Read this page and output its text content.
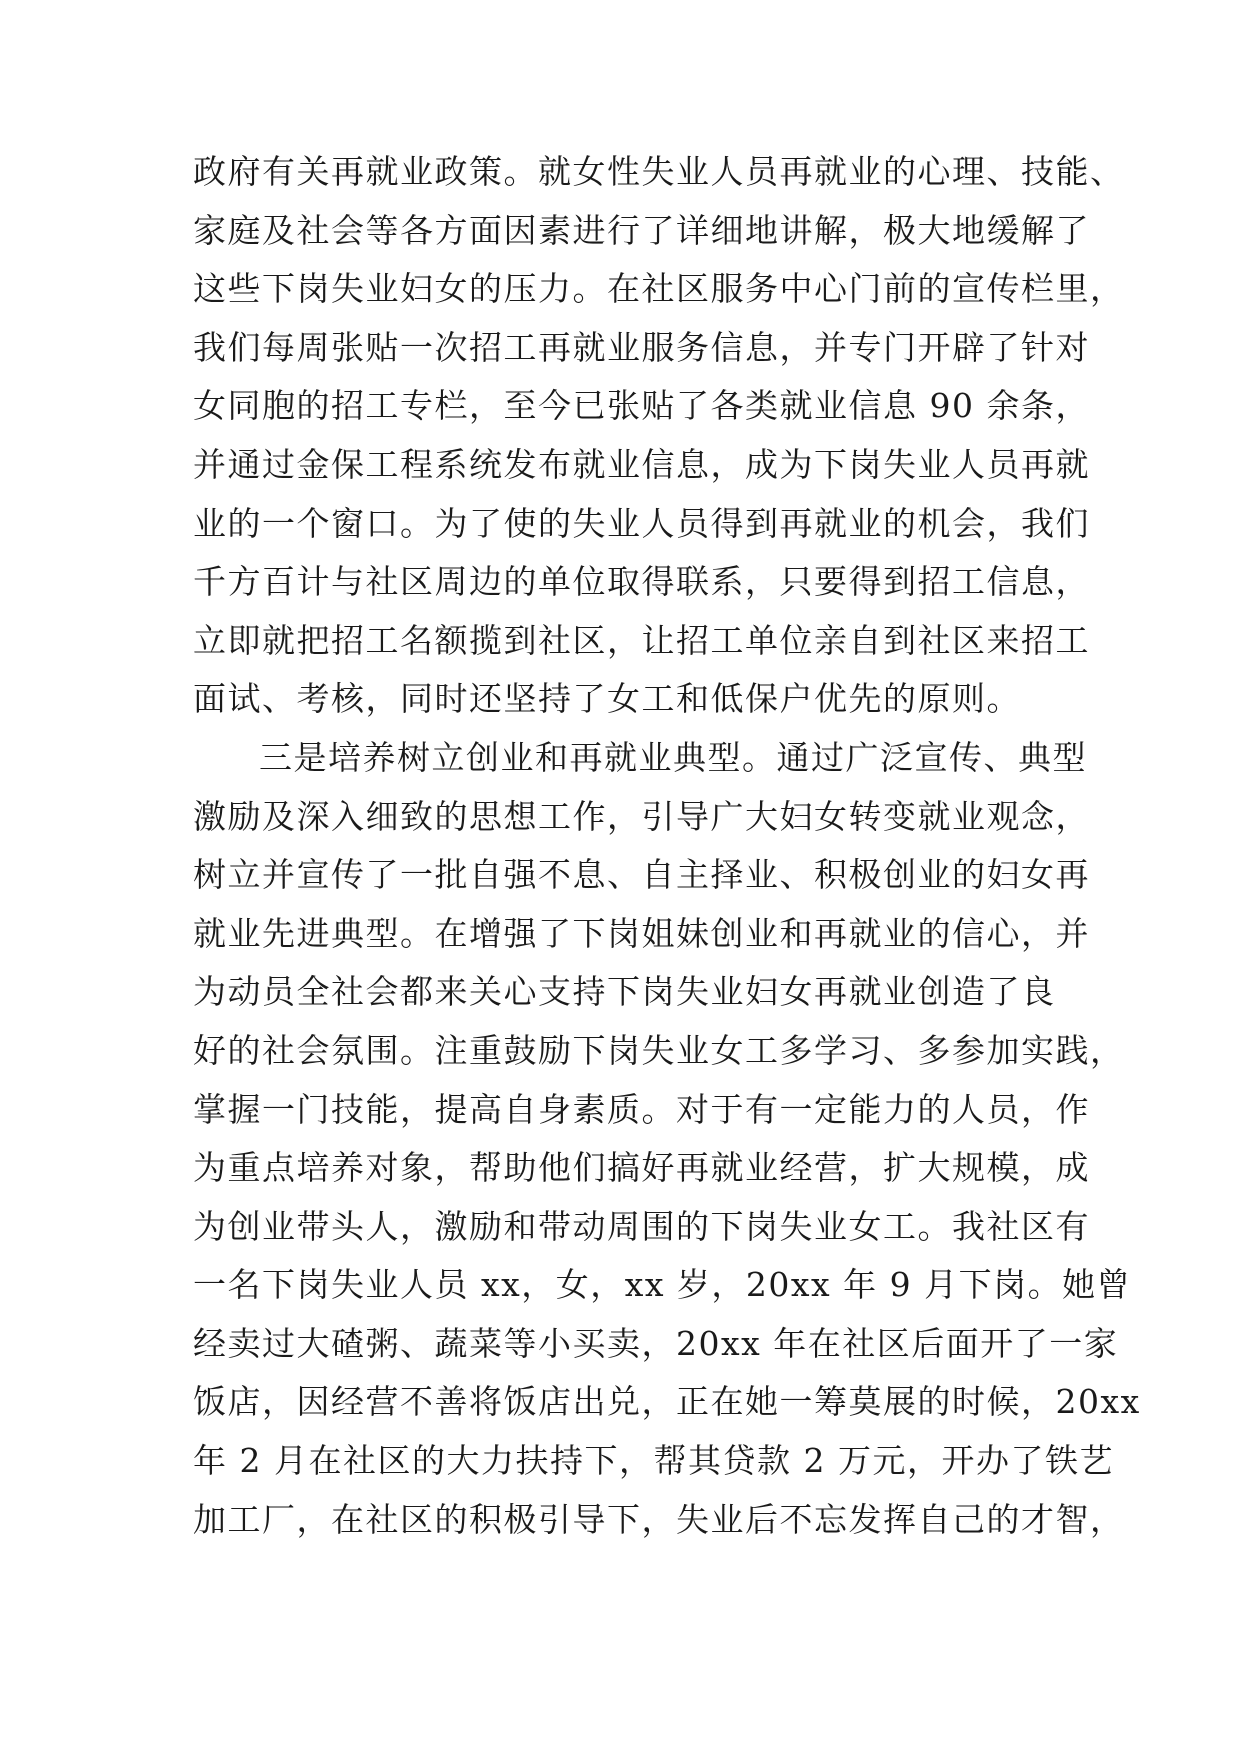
政府有关再就业政策。就女性失业人员再就业的心理、技能、
家庭及社会等各方面因素进行了详细地讲解，极大地缓解了
这些下岗失业妇女的压力。在社区服务中心门前的宣传栏里，
我们每周张贴一次招工再就业服务信息，并专门开辟了针对
女同胞的招工专栏，至今已张贴了各类就业信息 90 余条，
并通过金保工程系统发布就业信息，成为下岗失业人员再就
业的一个窗口。为了使的失业人员得到再就业的机会，我们
千方百计与社区周边的单位取得联系，只要得到招工信息，
立即就把招工名额揽到社区，让招工单位亲自到社区来招工
面试、考核，同时还坚持了女工和低保户优先的原则。
三是培养树立创业和再就业典型。通过广泛宣传、典型
激励及深入细致的思想工作，引导广大妇女转变就业观念，
树立并宣传了一批自强不息、自主择业、积极创业的妇女再
就业先进典型。在增强了下岗姐妹创业和再就业的信心，并
为动员全社会都来关心支持下岗失业妇女再就业创造了良
好的社会氛围。注重鼓励下岗失业女工多学习、多参加实践，
掌握一门技能，提高自身素质。对于有一定能力的人员，作
为重点培养对象，帮助他们搞好再就业经营，扩大规模，成
为创业带头人，激励和带动周围的下岗失业女工。我社区有
一名下岗失业人员 xx，女，xx 岁，20xx 年 9 月下岗。她曾
经卖过大碴粥、蔬菜等小买卖，20xx 年在社区后面开了一家
饭店，因经营不善将饭店出兑，正在她一筹莫展的时候，20xx
年 2 月在社区的大力扶持下，帮其贷款 2 万元，开办了铁艺
加工厂，在社区的积极引导下，失业后不忘发挥自己的才智，
